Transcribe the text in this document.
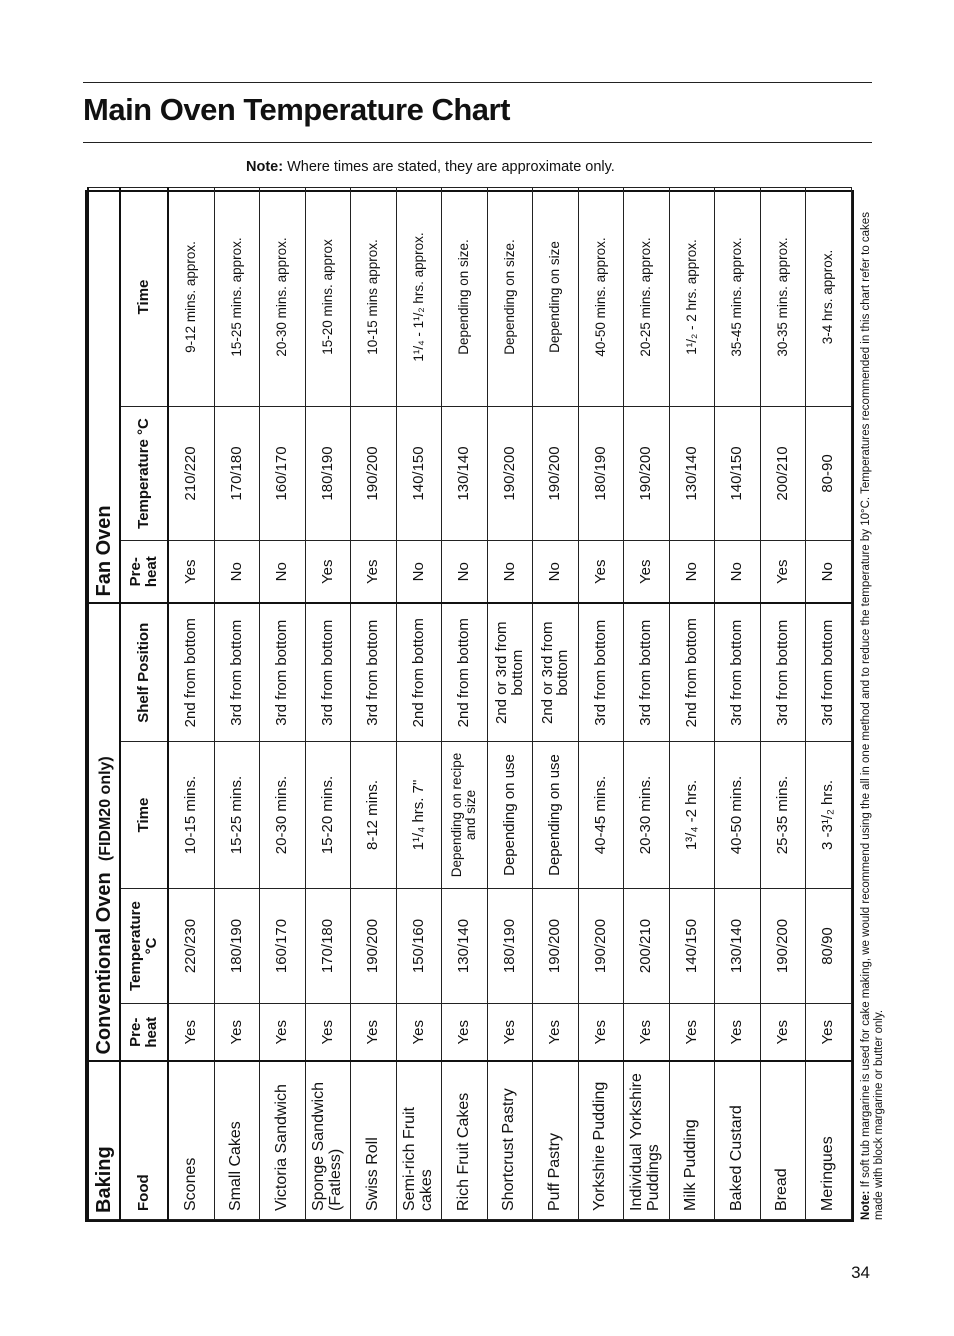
Main Oven Temperature Chart
Note: Where times are stated, they are approximate only.
Baking	Conventional Oven  (FIDM20 only)				Fan Oven		
Food	Pre-heat	Temperature °C	Time	Shelf Position	Pre-heat	Temperature °C	Time
Scones	Yes	220/230	10-15 mins.	2nd from bottom	Yes	210/220	9-12 mins. approx.
Small Cakes	Yes	180/190	15-25 mins.	3rd from bottom	No	170/180	15-25 mins. approx.
Victoria Sandwich	Yes	160/170	20-30 mins.	3rd from bottom	No	160/170	20-30 mins. approx.
Sponge Sandwich (Fatless)	Yes	170/180	15-20 mins.	3rd from bottom	Yes	180/190	15-20 mins. approx
Swiss Roll	Yes	190/200	8-12 mins.	3rd from bottom	Yes	190/200	10-15 mins approx.
Semi-rich Fruit cakes	Yes	150/160	1¹/₄ hrs. 7"	2nd from bottom	No	140/150	1¹/₄ - 1¹/₂ hrs. approx.
Rich Fruit Cakes	Yes	130/140	Depending on recipe and size	2nd from bottom	No	130/140	Depending on size.
Shortcrust Pastry	Yes	180/190	Depending on use	2nd or 3rd from bottom	No	190/200	Depending on size.
Puff Pastry	Yes	190/200	Depending on use	2nd or 3rd from bottom	No	190/200	Depending on size
Yorkshire Pudding	Yes	190/200	40-45 mins.	3rd from bottom	Yes	180/190	40-50 mins. approx.
Individual Yorkshire Puddings	Yes	200/210	20-30 mins.	3rd from bottom	Yes	190/200	20-25 mins. approx.
Milk Pudding	Yes	140/150	1³/₄ -2 hrs.	2nd from bottom	No	130/140	1¹/₂ - 2 hrs. approx.
Baked Custard	Yes	130/140	40-50 mins.	3rd from bottom	No	140/150	35-45 mins. approx.
Bread	Yes	190/200	25-35 mins.	3rd from bottom	Yes	200/210	30-35 mins. approx.
Meringues	Yes	80/90	3 -3¹/₂ hrs.	3rd from bottom	No	80-90	3-4 hrs. approx.
Note: If soft tub margarine is used for cake making, we would recommend using the all in one method and to reduce the temperature by 10°C. Temperatures recommended in this chart refer to cakes made with block margarine or butter only.
34
